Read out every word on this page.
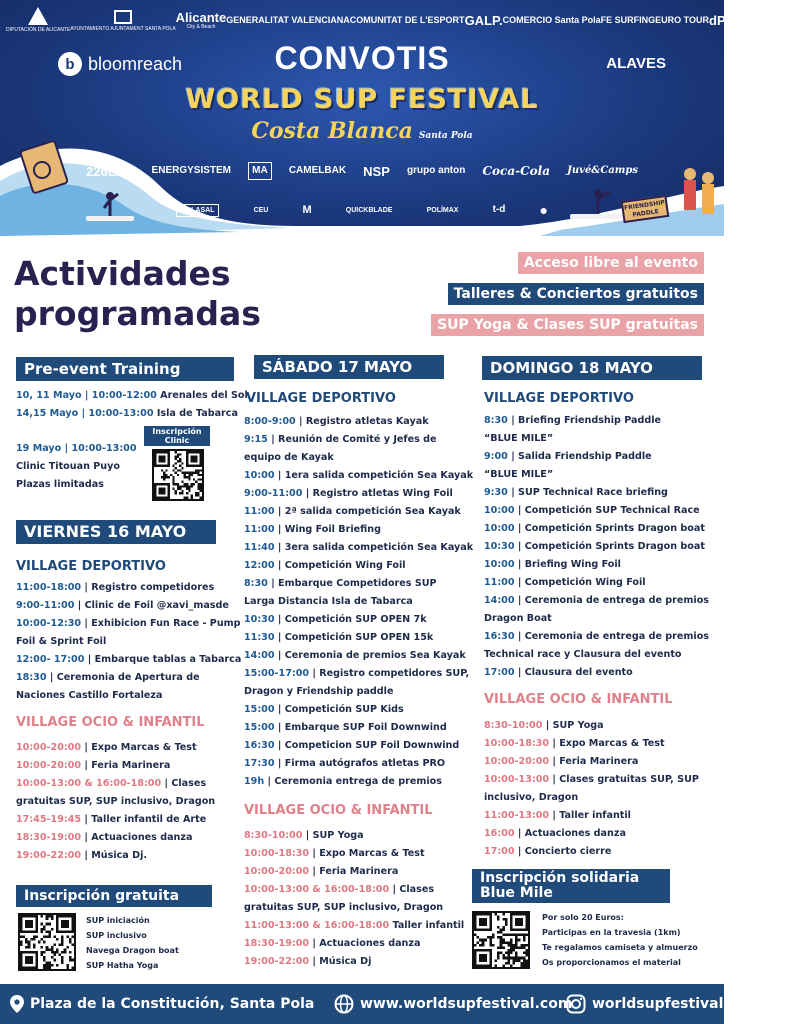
DIPUTACIÓN DE ALICANTE AYUNTAMIENTO AJUNTAMENT SANTA POLA
Alicante
City & Beach
GENERALITAT VALENCIANA COMUNITAT DE L'ESPORT GALP. COMERCIO Santa Pola FE SURFING EURO TOUR dP ESL SURFING
b bloomreach	CONVOTIS	ALAVES
WORLD SUP FESTIVAL
Costa Blanca Santa Pola
226ERS ENERGYSISTEM	MA	CAMELBAK NSP grupo anton Coca-Cola Juvé&Camps
POLASAL	CEU	M	QUICKBLADE	POLÍMAX	t-d ●	FRIENDSHIP PADDLE
Actividades
programadas
Acceso libre al evento
Talleres & Conciertos gratuitos
SUP Yoga & Clases SUP gratuitas
Pre-event Training
10, 11 Mayo | 10:00-12:00 Arenales del Sol
14,15 Mayo | 10:00-13:00 Isla de Tabarca
19 Mayo | 10:00-13:00
Clinic Titouan Puyo
Plazas limitadas
Inscripción
Clinic
VIERNES 16 MAYO
VILLAGE DEPORTIVO
11:00-18:00 | Registro competidores
9:00-11:00 | Clinic de Foil @xavi_masde
10:00-12:30 | Exhibicion Fun Race - Pump
Foil & Sprint Foil
12:00- 17:00 | Embarque tablas a Tabarca
18:30 | Ceremonia de Apertura de
Naciones Castillo Fortaleza
VILLAGE OCIO & INFANTIL
10:00-20:00 | Expo Marcas & Test
10:00-20:00 | Feria Marinera
10:00-13:00 & 16:00-18:00 | Clases
gratuitas SUP, SUP inclusivo, Dragon
17:45-19:45 | Taller infantil de Arte
18:30-19:00 | Actuaciones danza
19:00-22:00 | Música Dj.
Inscripción gratuita
SUP iniciación
SUP inclusivo
Navega Dragon boat
SUP Hatha Yoga
SÁBADO 17 MAYO
VILLAGE DEPORTIVO
8:00-9:00 | Registro atletas Kayak
9:15 | Reunión de Comité y Jefes de
equipo de Kayak
10:00 | 1era salida competición Sea Kayak
9:00-11:00 | Registro atletas Wing Foil
11:00 | 2ª salida competición Sea Kayak
11:00 | Wing Foil Briefing
11:40 | 3era salida competición Sea Kayak
12:00 | Competición Wing Foil
8:30 | Embarque Competidores SUP
Larga Distancia Isla de Tabarca
10:30 | Competición SUP OPEN 7k
11:30 | Competición SUP OPEN 15k
14:00 | Ceremonia de premios Sea Kayak
15:00-17:00 | Registro competidores SUP,
Dragon y Friendship paddle
15:00 | Competición SUP Kids
15:00 | Embarque SUP Foil Downwind
16:30 | Competicion SUP Foil Downwind
17:30 | Firma autógrafos atletas PRO
19h | Ceremonia entrega de premios
VILLAGE OCIO & INFANTIL
8:30-10:00 | SUP Yoga
10:00-18:30 | Expo Marcas & Test
10:00-20:00 | Feria Marinera
10:00-13:00 & 16:00-18:00 | Clases
gratuitas SUP, SUP inclusivo, Dragon
11:00-13:00 & 16:00-18:00 Taller infantil
18:30-19:00 | Actuaciones danza
19:00-22:00 | Música Dj
DOMINGO 18 MAYO
VILLAGE DEPORTIVO
8:30 | Briefing Friendship Paddle
“BLUE MILE”
9:00 | Salida Friendship Paddle
“BLUE MILE”
9:30 | SUP Technical Race briefing
10:00 | Competición SUP Technical Race
10:00 | Competición Sprints Dragon boat
10:30 | Competición Sprints Dragon boat
10:00 | Briefing Wing Foil
11:00 | Competición Wing Foil
14:00 | Ceremonia de entrega de premios
Dragon Boat
16:30 | Ceremonia de entrega de premios
Technical race y Clausura del evento
17:00 | Clausura del evento
VILLAGE OCIO & INFANTIL
8:30-10:00 | SUP Yoga
10:00-18:30 | Expo Marcas & Test
10:00-20:00 | Feria Marinera
10:00-13:00 | Clases gratuitas SUP, SUP
inclusivo, Dragon
11:00-13:00 | Taller infantil
16:00 | Actuaciones danza
17:00 | Concierto cierre
Inscripción solidaria
Blue Mile
Por solo 20 Euros:
Participas en la travesia (1km)
Te regalamos camiseta y almuerzo
Os proporcionamos el material
Plaza de la Constitución, Santa Pola	www.worldsupfestival.com worldsupfestival
